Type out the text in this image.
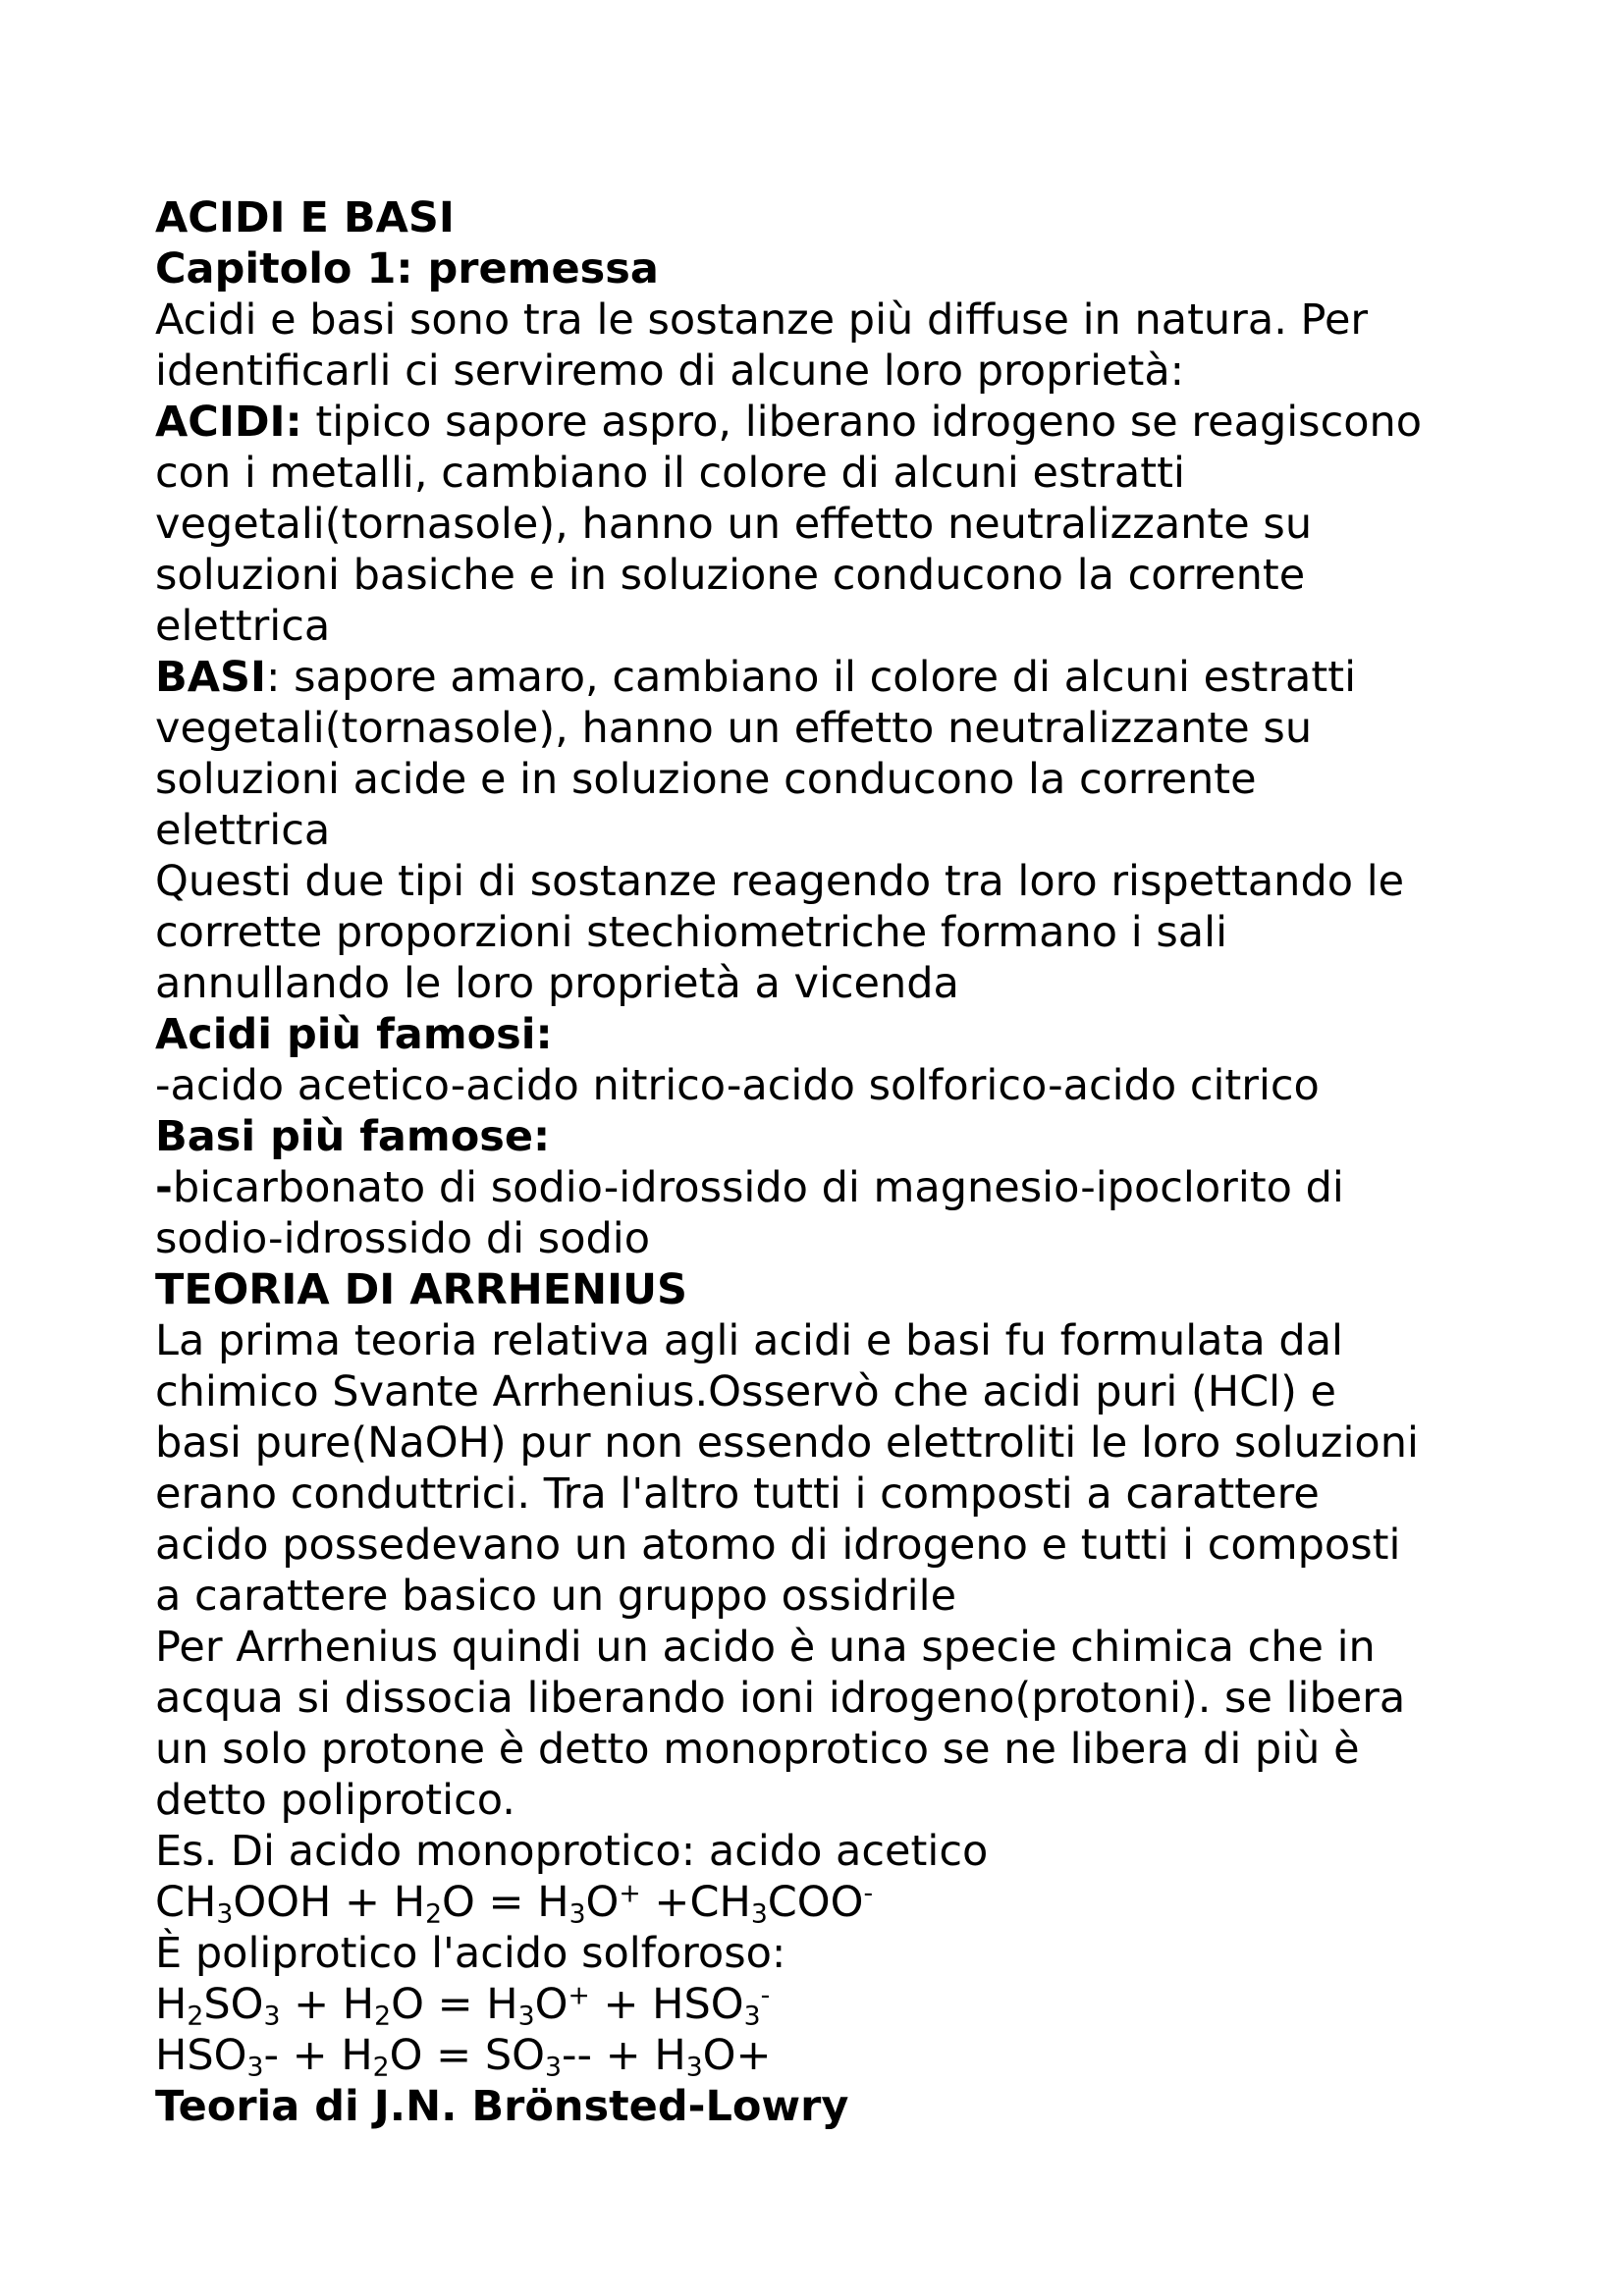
ACIDI E BASI
Capitolo 1: premessa
Acidi e basi sono tra le sostanze più diffuse in natura. Per
identificarli ci serviremo di alcune loro proprietà:
ACIDI: tipico sapore aspro, liberano idrogeno se reagiscono
con i metalli, cambiano il colore di alcuni estratti
vegetali(tornasole), hanno un effetto neutralizzante su
soluzioni basiche e in soluzione conducono la corrente
elettrica
BASI: sapore amaro, cambiano il colore di alcuni estratti
vegetali(tornasole), hanno un effetto neutralizzante su
soluzioni acide e in soluzione conducono la corrente
elettrica
Questi due tipi di sostanze reagendo tra loro rispettando le
corrette proporzioni stechiometriche formano i sali
annullando le loro proprietà a vicenda
Acidi più famosi:
-acido acetico-acido nitrico-acido solforico-acido citrico
Basi più famose:
-bicarbonato di sodio-idrossido di magnesio-ipoclorito di
sodio-idrossido di sodio
TEORIA DI ARRHENIUS
La prima teoria relativa agli acidi e basi fu formulata dal
chimico Svante Arrhenius.Osservò che acidi puri (HCl) e
basi pure(NaOH) pur non essendo elettroliti le loro soluzioni
erano conduttrici. Tra l'altro tutti i composti a carattere
acido possedevano un atomo di idrogeno e tutti i composti
a carattere basico un gruppo ossidrile
Per Arrhenius quindi un acido è una specie chimica che in
acqua si dissocia liberando ioni idrogeno(protoni). se libera
un solo protone è detto monoprotico se ne libera di più è
detto poliprotico.
Es. Di acido monoprotico: acido acetico
$CH_3OOH + H_2O = H_3O^+ +CH_3COO^-$
È poliprotico l'acido solforoso:
$H_2SO_3 + H_2O = H_3O^+ + HSO_3^-$
$HSO_3- + H_2O = SO_3-- + H_3O+$
Teoria di J.N. Brönsted-Lowry
